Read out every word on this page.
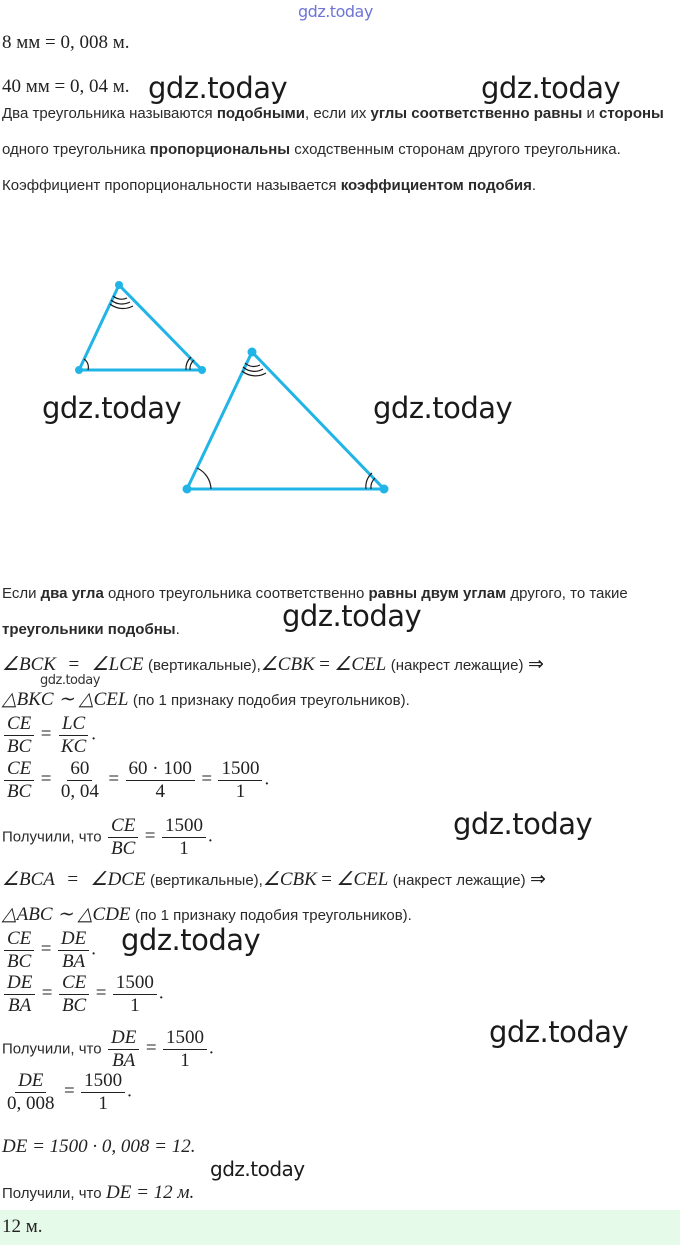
gdz.today
8 мм = 0, 008 м.
40 мм = 0, 04 м. gdz.today	gdz.today
Два треугольника называются подобными, если их углы соответственно равны и стороны одного треугольника пропорциональны сходственным сторонам другого треугольника. Коэффициент пропорциональности называется коэффициентом подобия.
gdz.today	gdz.today
Если два угла одного треугольника соответственно равны двум углам другого, то такие треугольники подобны.	gdz.today
∠BCK = ∠LCE (вертикальные),∠CBK = ∠CEL (накрест лежащие) ⇒
gdz.today
△BKC ∼ △CEL (по 1 признаку подобия треугольников).
$\frac{CE}{BC} = \frac{LC}{KC}$ .
$\frac{CE}{BC} = \frac{60}{0, 04} = \frac{60 \cdot 100}{4} = \frac{1500}{1}$ .
Получили, что $\frac{CE}{BC} = \frac{1500}{1}$ .	gdz.today
∠BCA = ∠DCE (вертикальные),∠CBK = ∠CEL (накрест лежащие) ⇒
△ABC ∼ △CDE (по 1 признаку подобия треугольников).
$\frac{CE}{BC} = \frac{DE}{BA}$ . gdz.today
$\frac{DE}{BA} = \frac{CE}{BC} = \frac{1500}{1}$ .
Получили, что $\frac{DE}{BA} = \frac{1500}{1}$ .	gdz.today
$\frac{DE}{0, 008} = \frac{1500}{1}$ .
DE = 1500 · 0, 008 = 12.
gdz.today
Получили, что DE = 12 м.
12 м.
